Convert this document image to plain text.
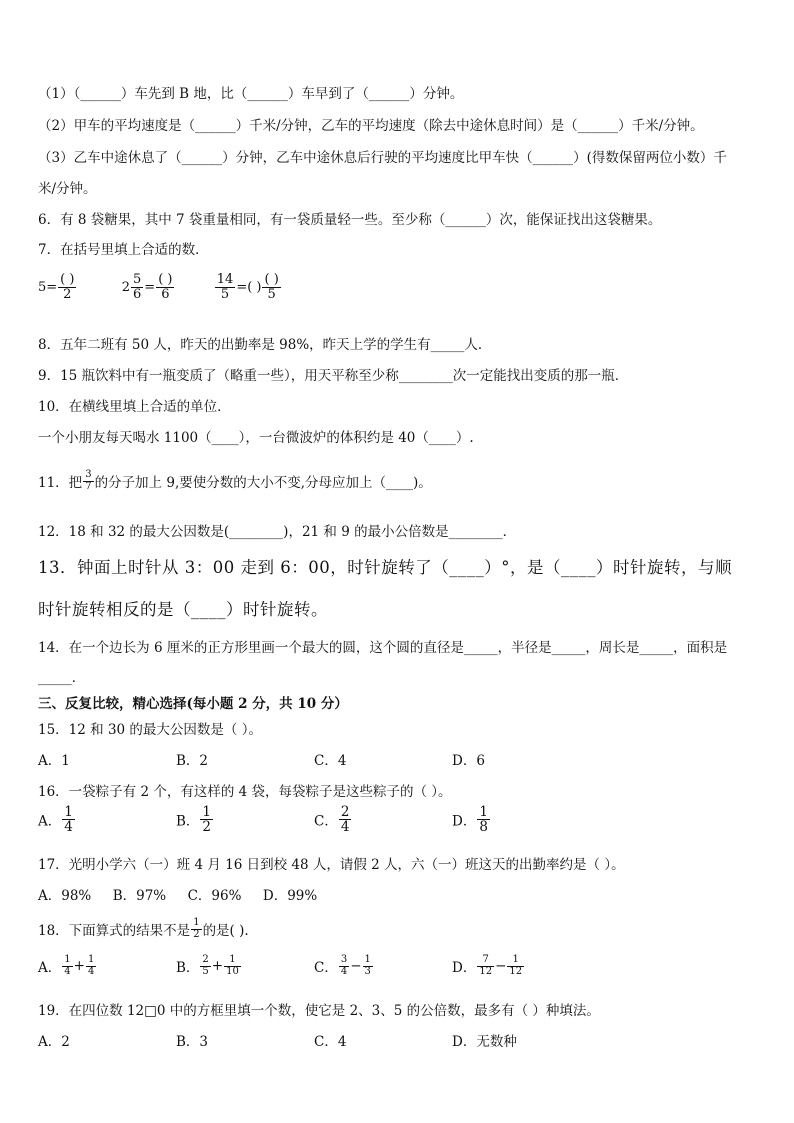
（1）（______）车先到 B 地，比（______）车早到了（______）分钟。
（2）甲车的平均速度是（______）千米/分钟，乙车的平均速度（除去中途休息时间）是（______）千米/分钟。
（3）乙车中途休息了（______）分钟，乙车中途休息后行驶的平均速度比甲车快（______）(得数保留两位小数）千
米/分钟。
6．有 8 袋糖果，其中 7 袋重量相同，有一袋质量轻一些。至少称（______）次，能保证找出这袋糖果。
7．在括号里填上合适的数．
$5= \frac{( )}{2}$	$2 \frac{5}{6} = \frac{( )}{6}$
	$\frac{14}{5}$ =( ) $\frac{( )}{5}$
8．五年二班有 50 人，昨天的出勤率是 98%，昨天上学的学生有_____人．
9．15 瓶饮料中有一瓶变质了（略重一些），用天平称至少称________次一定能找出变质的那一瓶．
10．在横线里填上合适的单位．
一个小朋友每天喝水 1100（____），一台微波炉的体积约是 40（____）.
11．把 $\frac{3}{7}$ 的分子加上 9,要使分数的大小不变,分母应加上（____)。
12．18 和 32 的最大公因数是(________)，21 和 9 的最小公倍数是________．
13．钟面上时针从 3：00 走到 6：00，时针旋转了（____）°，是（____）时针旋转，与顺
时针旋转相反的是（____）时针旋转。
14．在一个边长为 6 厘米的正方形里画一个最大的圆，这个圆的直径是_____，半径是_____，周长是_____，面积是
_____．
三、反复比较，精心选择(每小题 2 分，共 10 分）
15．12 和 30 的最大公因数是（ ）。
A．1	B．2	C．4	D．6
16．一袋粽子有 2 个，有这样的 4 袋，每袋粽子是这些粽子的（ ）。
A． $\frac{1}{4}$	B． $\frac{1}{2}$	C． $\frac{2}{4}$	D． $\frac{1}{8}$
17．光明小学六（一）班 4 月 16 日到校 48 人，请假 2 人，六（一）班这天的出勤率约是（ ）。
A．98%     B．97%     C．96%     D．99%
18．下面算式的结果不是 $\frac{1}{2}$ 的是( ).
A． $\frac{1}{4} + \frac{1}{4}$	B． $\frac{2}{5} + \frac{1}{10}$	C． $\frac{3}{4} - \frac{1}{3}$	D． $\frac{7}{12} - \frac{1}{12}$
19．在四位数 12□0 中的方框里填一个数，使它是 2、3、5 的公倍数，最多有（ ）种填法。
A．2	B．3	C．4	D．无数种
